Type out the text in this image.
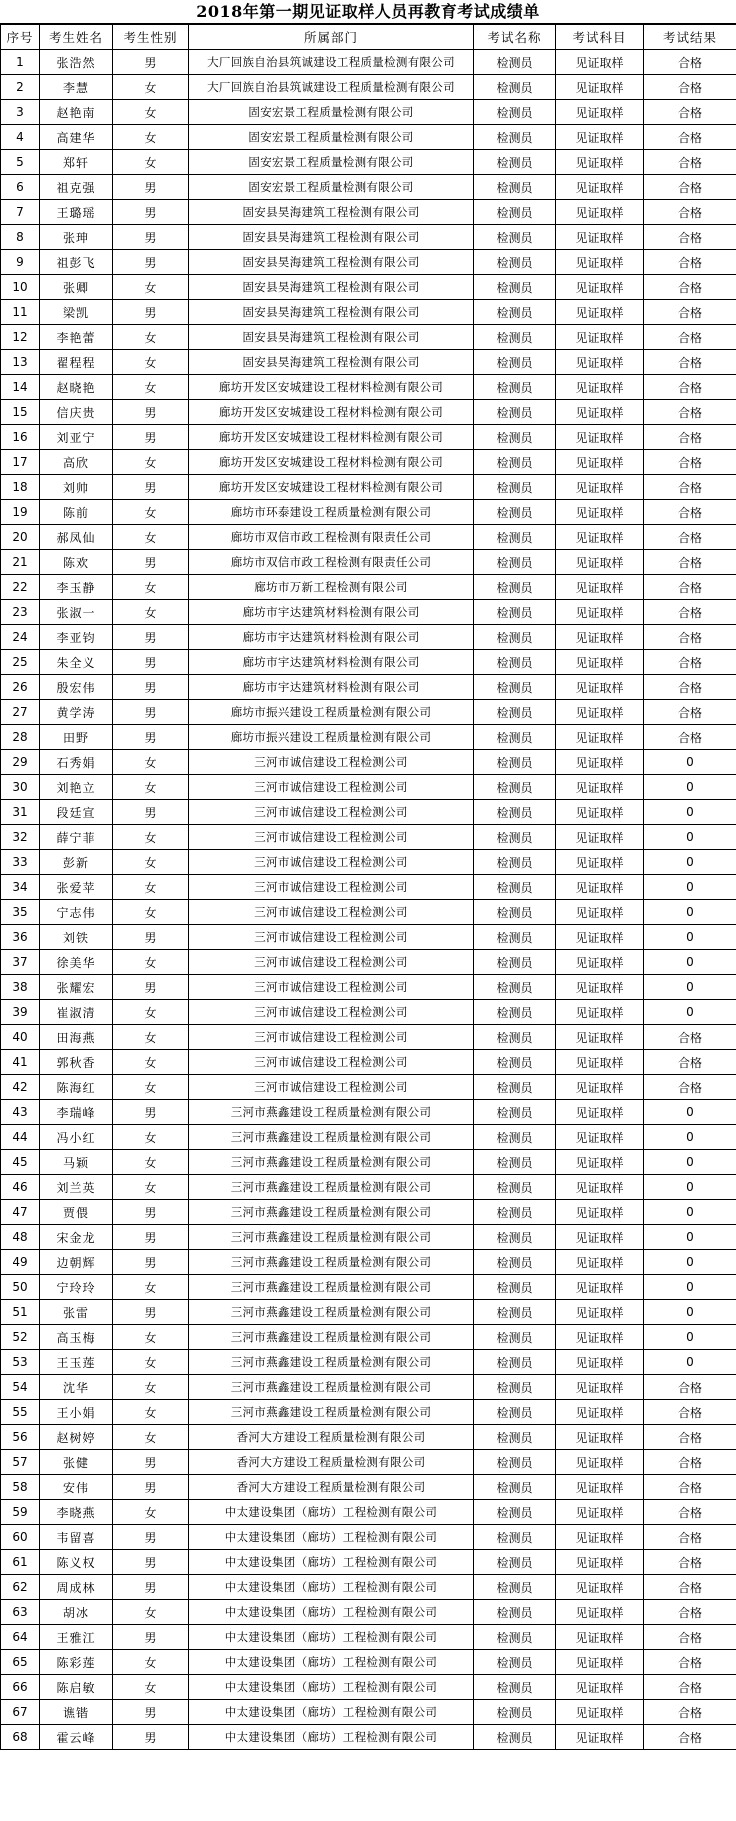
2018年第一期见证取样人员再教育考试成绩单
序号	考生姓名	考生性别	所属部门	考试名称	考试科目	考试结果
1	张浩然	男	大厂回族自治县筑诚建设工程质量检测有限公司	检测员	见证取样	合格
2	李慧	女	大厂回族自治县筑诚建设工程质量检测有限公司	检测员	见证取样	合格
3	赵艳南	女	固安宏景工程质量检测有限公司	检测员	见证取样	合格
4	高建华	女	固安宏景工程质量检测有限公司	检测员	见证取样	合格
5	郑轩	女	固安宏景工程质量检测有限公司	检测员	见证取样	合格
6	祖克强	男	固安宏景工程质量检测有限公司	检测员	见证取样	合格
7	王璐瑶	男	固安县昊海建筑工程检测有限公司	检测员	见证取样	合格
8	张珅	男	固安县昊海建筑工程检测有限公司	检测员	见证取样	合格
9	祖彭飞	男	固安县昊海建筑工程检测有限公司	检测员	见证取样	合格
10	张卿	女	固安县昊海建筑工程检测有限公司	检测员	见证取样	合格
11	梁凯	男	固安县昊海建筑工程检测有限公司	检测员	见证取样	合格
12	李艳蕾	女	固安县昊海建筑工程检测有限公司	检测员	见证取样	合格
13	翟程程	女	固安县昊海建筑工程检测有限公司	检测员	见证取样	合格
14	赵晓艳	女	廊坊开发区安城建设工程材料检测有限公司	检测员	见证取样	合格
15	信庆贵	男	廊坊开发区安城建设工程材料检测有限公司	检测员	见证取样	合格
16	刘亚宁	男	廊坊开发区安城建设工程材料检测有限公司	检测员	见证取样	合格
17	高欣	女	廊坊开发区安城建设工程材料检测有限公司	检测员	见证取样	合格
18	刘帅	男	廊坊开发区安城建设工程材料检测有限公司	检测员	见证取样	合格
19	陈前	女	廊坊市环泰建设工程质量检测有限公司	检测员	见证取样	合格
20	郝凤仙	女	廊坊市双信市政工程检测有限责任公司	检测员	见证取样	合格
21	陈欢	男	廊坊市双信市政工程检测有限责任公司	检测员	见证取样	合格
22	李玉静	女	廊坊市万新工程检测有限公司	检测员	见证取样	合格
23	张淑一	女	廊坊市宇达建筑材料检测有限公司	检测员	见证取样	合格
24	李亚钧	男	廊坊市宇达建筑材料检测有限公司	检测员	见证取样	合格
25	朱全义	男	廊坊市宇达建筑材料检测有限公司	检测员	见证取样	合格
26	殷宏伟	男	廊坊市宇达建筑材料检测有限公司	检测员	见证取样	合格
27	黄学涛	男	廊坊市振兴建设工程质量检测有限公司	检测员	见证取样	合格
28	田野	男	廊坊市振兴建设工程质量检测有限公司	检测员	见证取样	合格
29	石秀娟	女	三河市诚信建设工程检测公司	检测员	见证取样	0
30	刘艳立	女	三河市诚信建设工程检测公司	检测员	见证取样	0
31	段廷宣	男	三河市诚信建设工程检测公司	检测员	见证取样	0
32	薛宁菲	女	三河市诚信建设工程检测公司	检测员	见证取样	0
33	彭新	女	三河市诚信建设工程检测公司	检测员	见证取样	0
34	张爱苹	女	三河市诚信建设工程检测公司	检测员	见证取样	0
35	宁志伟	女	三河市诚信建设工程检测公司	检测员	见证取样	0
36	刘铁	男	三河市诚信建设工程检测公司	检测员	见证取样	0
37	徐美华	女	三河市诚信建设工程检测公司	检测员	见证取样	0
38	张耀宏	男	三河市诚信建设工程检测公司	检测员	见证取样	0
39	崔淑清	女	三河市诚信建设工程检测公司	检测员	见证取样	0
40	田海燕	女	三河市诚信建设工程检测公司	检测员	见证取样	合格
41	郭秋香	女	三河市诚信建设工程检测公司	检测员	见证取样	合格
42	陈海红	女	三河市诚信建设工程检测公司	检测员	见证取样	合格
43	李瑞峰	男	三河市燕鑫建设工程质量检测有限公司	检测员	见证取样	0
44	冯小红	女	三河市燕鑫建设工程质量检测有限公司	检测员	见证取样	0
45	马颖	女	三河市燕鑫建设工程质量检测有限公司	检测员	见证取样	0
46	刘兰英	女	三河市燕鑫建设工程质量检测有限公司	检测员	见证取样	0
47	贾偎	男	三河市燕鑫建设工程质量检测有限公司	检测员	见证取样	0
48	宋金龙	男	三河市燕鑫建设工程质量检测有限公司	检测员	见证取样	0
49	边朝辉	男	三河市燕鑫建设工程质量检测有限公司	检测员	见证取样	0
50	宁玲玲	女	三河市燕鑫建设工程质量检测有限公司	检测员	见证取样	0
51	张雷	男	三河市燕鑫建设工程质量检测有限公司	检测员	见证取样	0
52	高玉梅	女	三河市燕鑫建设工程质量检测有限公司	检测员	见证取样	0
53	王玉莲	女	三河市燕鑫建设工程质量检测有限公司	检测员	见证取样	0
54	沈华	女	三河市燕鑫建设工程质量检测有限公司	检测员	见证取样	合格
55	王小娟	女	三河市燕鑫建设工程质量检测有限公司	检测员	见证取样	合格
56	赵树婷	女	香河大方建设工程质量检测有限公司	检测员	见证取样	合格
57	张健	男	香河大方建设工程质量检测有限公司	检测员	见证取样	合格
58	安伟	男	香河大方建设工程质量检测有限公司	检测员	见证取样	合格
59	李晓燕	女	中太建设集团（廊坊）工程检测有限公司	检测员	见证取样	合格
60	韦留喜	男	中太建设集团（廊坊）工程检测有限公司	检测员	见证取样	合格
61	陈义权	男	中太建设集团（廊坊）工程检测有限公司	检测员	见证取样	合格
62	周成林	男	中太建设集团（廊坊）工程检测有限公司	检测员	见证取样	合格
63	胡冰	女	中太建设集团（廊坊）工程检测有限公司	检测员	见证取样	合格
64	王雅江	男	中太建设集团（廊坊）工程检测有限公司	检测员	见证取样	合格
65	陈彩莲	女	中太建设集团（廊坊）工程检测有限公司	检测员	见证取样	合格
66	陈启敏	女	中太建设集团（廊坊）工程检测有限公司	检测员	见证取样	合格
67	谯锴	男	中太建设集团（廊坊）工程检测有限公司	检测员	见证取样	合格
68	霍云峰	男	中太建设集团（廊坊）工程检测有限公司	检测员	见证取样	合格
